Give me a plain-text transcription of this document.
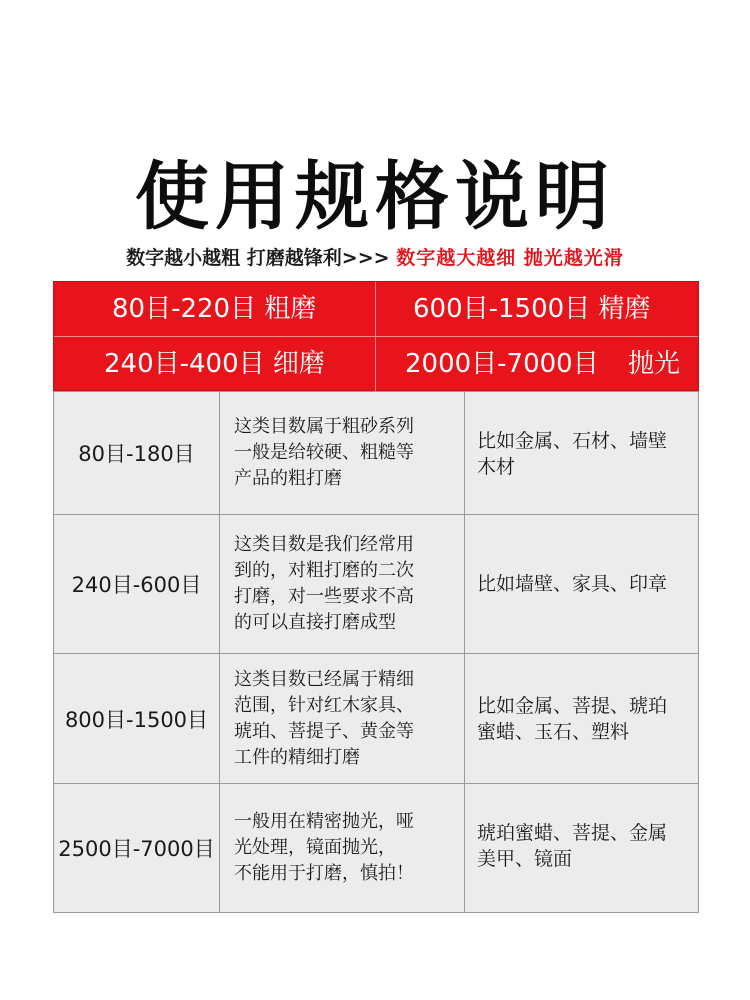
使用规格说明
数字越小越粗 打磨越锋利>>> 数字越大越细 抛光越光滑
80目-220目 粗磨	600目-1500目 精磨
240目-400目 细磨	2000目-7000目 抛光
80目-180目
这类目数属于粗砂系列
一般是给较硬、粗糙等
产品的粗打磨
比如金属、石材、墙壁
木材
240目-600目
这类目数是我们经常用
到的，对粗打磨的二次
打磨，对一些要求不高
的可以直接打磨成型
比如墙壁、家具、印章
800目-1500目
这类目数已经属于精细
范围，针对红木家具、
琥珀、菩提子、黄金等
工件的精细打磨
比如金属、菩提、琥珀
蜜蜡、玉石、塑料
2500目-7000目
一般用在精密抛光，哑
光处理，镜面抛光，
不能用于打磨，慎拍！
琥珀蜜蜡、菩提、金属
美甲、镜面
